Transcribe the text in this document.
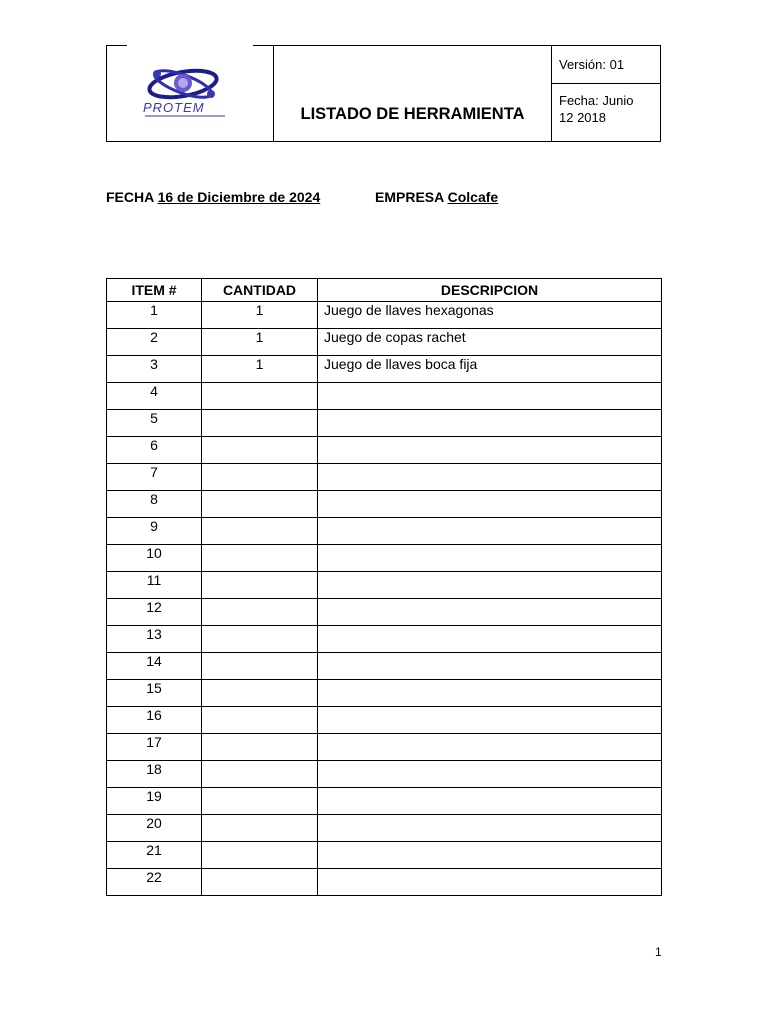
PROTEM	LISTADO DE HERRAMIENTA	Versión: 01
Fecha: Junio
12 2018
FECHA 16 de Diciembre de 2024	EMPRESA Colcafe
ITEM #	CANTIDAD	DESCRIPCION
1	1	Juego de llaves hexagonas
2	1	Juego de copas rachet
3	1	Juego de llaves boca fija
4		
5		
6		
7		
8		
9		
10		
11		
12		
13		
14		
15		
16		
17		
18		
19		
20		
21		
22		
1
